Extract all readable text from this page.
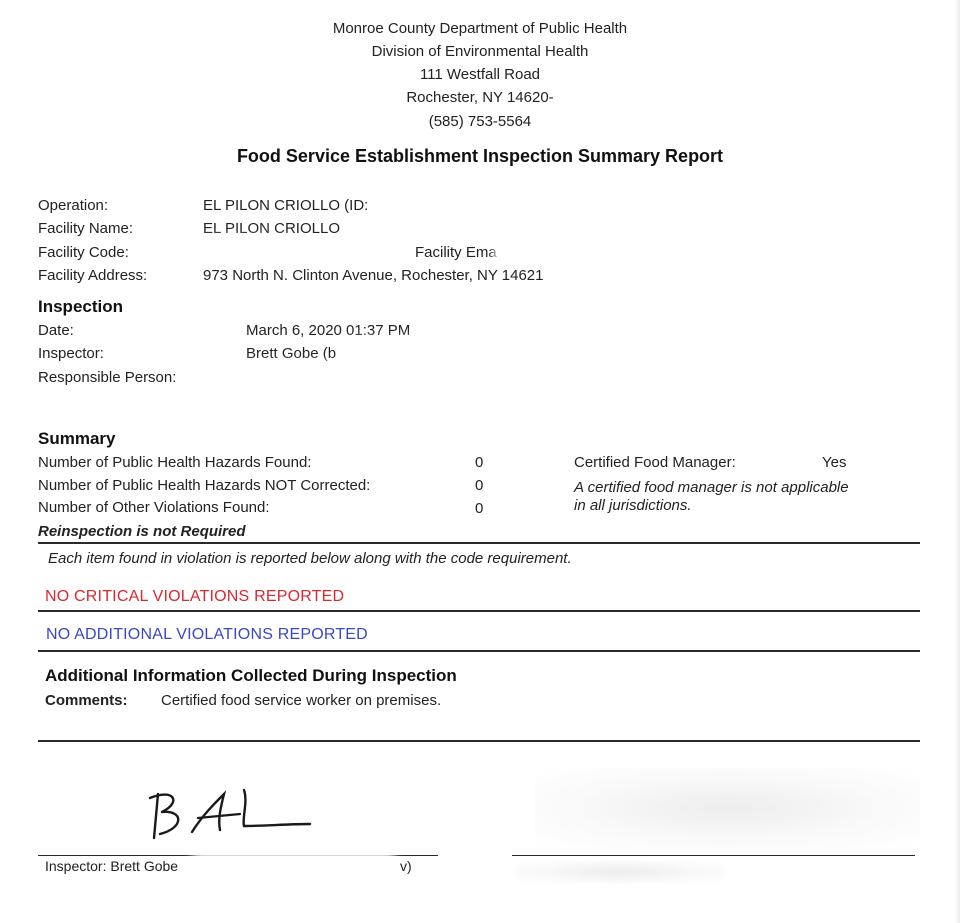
Monroe County Department of Public Health
Division of Environmental Health
111 Westfall Road
Rochester, NY 14620-
(585) 753-5564
Food Service Establishment Inspection Summary Report
Operation:	EL PILON CRIOLLO (ID:
Facility Name:	EL PILON CRIOLLO
Facility Code:	Facility Ema
Facility Address:	973 North N. Clinton Avenue, Rochester, NY 14621
Inspection
Date:	March 6, 2020 01:37 PM
Inspector:	Brett Gobe (b
Responsible Person:
Summary
Number of Public Health Hazards Found:	0
Number of Public Health Hazards NOT Corrected:	0
Number of Other Violations Found:	0
Certified Food Manager:	Yes
A certified food manager is not applicable
in all jurisdictions.
Reinspection is not Required
Each item found in violation is reported below along with the code requirement.
NO CRITICAL VIOLATIONS REPORTED
NO ADDITIONAL VIOLATIONS REPORTED
Additional Information Collected During Inspection
Comments: Certified food service worker on premises.
Inspector: Brett Gobe	v)
